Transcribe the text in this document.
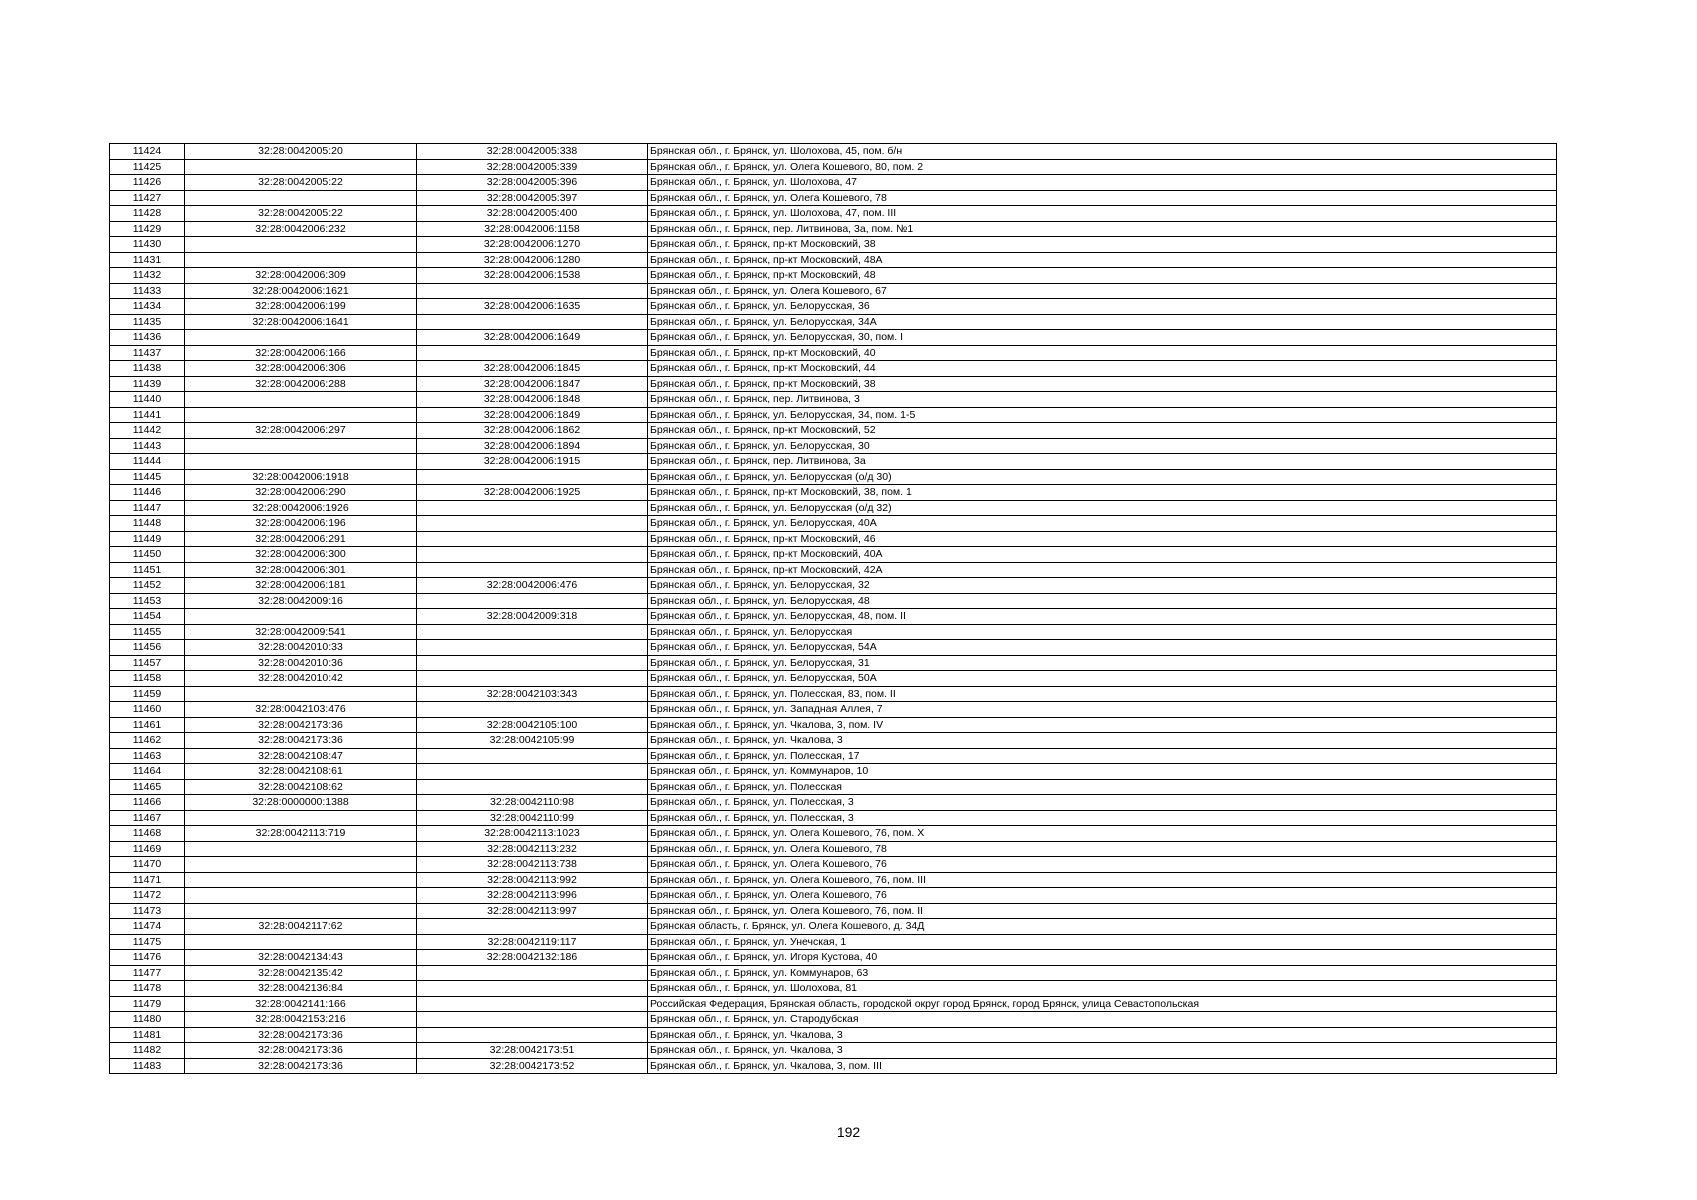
11424	32:28:0042005:20	32:28:0042005:338	Брянская обл., г. Брянск, ул. Шолохова, 45, пом. б/н
11425		32:28:0042005:339	Брянская обл., г. Брянск, ул. Олега Кошевого, 80, пом. 2
11426	32:28:0042005:22	32:28:0042005:396	Брянская обл., г. Брянск, ул. Шолохова, 47
11427		32:28:0042005:397	Брянская обл., г. Брянск, ул. Олега Кошевого, 78
11428	32:28:0042005:22	32:28:0042005:400	Брянская обл., г. Брянск, ул. Шолохова, 47, пом. III
11429	32:28:0042006:232	32:28:0042006:1158	Брянская обл., г. Брянск, пер. Литвинова, 3а, пом. №1
11430		32:28:0042006:1270	Брянская обл., г. Брянск, пр-кт Московский, 38
11431		32:28:0042006:1280	Брянская обл., г. Брянск, пр-кт Московский, 48А
11432	32:28:0042006:309	32:28:0042006:1538	Брянская обл., г. Брянск, пр-кт Московский, 48
11433	32:28:0042006:1621		Брянская обл., г. Брянск, ул. Олега Кошевого, 67
11434	32:28:0042006:199	32:28:0042006:1635	Брянская обл., г. Брянск, ул. Белорусская, 36
11435	32:28:0042006:1641		Брянская обл., г. Брянск, ул. Белорусская, 34А
11436		32:28:0042006:1649	Брянская обл., г. Брянск, ул. Белорусская, 30, пом. I
11437	32:28:0042006:166		Брянская обл., г. Брянск, пр-кт Московский, 40
11438	32:28:0042006:306	32:28:0042006:1845	Брянская обл., г. Брянск, пр-кт Московский, 44
11439	32:28:0042006:288	32:28:0042006:1847	Брянская обл., г. Брянск, пр-кт Московский, 38
11440		32:28:0042006:1848	Брянская обл., г. Брянск, пер. Литвинова, 3
11441		32:28:0042006:1849	Брянская обл., г. Брянск, ул. Белорусская, 34, пом. 1-5
11442	32:28:0042006:297	32:28:0042006:1862	Брянская обл., г. Брянск, пр-кт Московский, 52
11443		32:28:0042006:1894	Брянская обл., г. Брянск, ул. Белорусская, 30
11444		32:28:0042006:1915	Брянская обл., г. Брянск, пер. Литвинова, 3а
11445	32:28:0042006:1918		Брянская обл., г. Брянск, ул. Белорусская (о/д 30)
11446	32:28:0042006:290	32:28:0042006:1925	Брянская обл., г. Брянск, пр-кт Московский, 38, пом. 1
11447	32:28:0042006:1926		Брянская обл., г. Брянск, ул. Белорусская (о/д 32)
11448	32:28:0042006:196		Брянская обл., г. Брянск, ул. Белорусская, 40А
11449	32:28:0042006:291		Брянская обл., г. Брянск, пр-кт Московский, 46
11450	32:28:0042006:300		Брянская обл., г. Брянск, пр-кт Московский, 40А
11451	32:28:0042006:301		Брянская обл., г. Брянск, пр-кт Московский, 42А
11452	32:28:0042006:181	32:28:0042006:476	Брянская обл., г. Брянск, ул. Белорусская, 32
11453	32:28:0042009:16		Брянская обл., г. Брянск, ул. Белорусская, 48
11454		32:28:0042009:318	Брянская обл., г. Брянск, ул. Белорусская, 48, пом. II
11455	32:28:0042009:541		Брянская обл., г. Брянск, ул. Белорусская
11456	32:28:0042010:33		Брянская обл., г. Брянск, ул. Белорусская, 54А
11457	32:28:0042010:36		Брянская обл., г. Брянск, ул. Белорусская, 31
11458	32:28:0042010:42		Брянская обл., г. Брянск, ул. Белорусская, 50А
11459		32:28:0042103:343	Брянская обл., г. Брянск, ул. Полесская, 83, пом. II
11460	32:28:0042103:476		Брянская обл., г. Брянск, ул. Западная Аллея, 7
11461	32:28:0042173:36	32:28:0042105:100	Брянская обл., г. Брянск, ул. Чкалова, 3, пом. IV
11462	32:28:0042173:36	32:28:0042105:99	Брянская обл., г. Брянск, ул. Чкалова, 3
11463	32:28:0042108:47		Брянская обл., г. Брянск, ул. Полесская, 17
11464	32:28:0042108:61		Брянская обл., г. Брянск, ул. Коммунаров, 10
11465	32:28:0042108:62		Брянская обл., г. Брянск, ул. Полесская
11466	32:28:0000000:1388	32:28:0042110:98	Брянская обл., г. Брянск, ул. Полесская, 3
11467		32:28:0042110:99	Брянская обл., г. Брянск, ул. Полесская, 3
11468	32:28:0042113:719	32:28:0042113:1023	Брянская обл., г. Брянск, ул. Олега Кошевого, 76, пом. X
11469		32:28:0042113:232	Брянская обл., г. Брянск, ул. Олега Кошевого, 78
11470		32:28:0042113:738	Брянская обл., г. Брянск, ул. Олега Кошевого, 76
11471		32:28:0042113:992	Брянская обл., г. Брянск, ул. Олега Кошевого, 76, пом. III
11472		32:28:0042113:996	Брянская обл., г. Брянск, ул. Олега Кошевого, 76
11473		32:28:0042113:997	Брянская обл., г. Брянск, ул. Олега Кошевого, 76, пом. II
11474	32:28:0042117:62		Брянская область, г. Брянск, ул. Олега Кошевого, д. 34Д
11475		32:28:0042119:117	Брянская обл., г. Брянск, ул. Унечская, 1
11476	32:28:0042134:43	32:28:0042132:186	Брянская обл., г. Брянск, ул. Игоря Кустова, 40
11477	32:28:0042135:42		Брянская обл., г. Брянск, ул. Коммунаров, 63
11478	32:28:0042136:84		Брянская обл., г. Брянск, ул. Шолохова, 81
11479	32:28:0042141:166		Российская Федерация, Брянская область, городской округ город Брянск, город Брянск, улица Севастопольская
11480	32:28:0042153:216		Брянская обл., г. Брянск, ул. Стародубская
11481	32:28:0042173:36		Брянская обл., г. Брянск, ул. Чкалова, 3
11482	32:28:0042173:36	32:28:0042173:51	Брянская обл., г. Брянск, ул. Чкалова, 3
11483	32:28:0042173:36	32:28:0042173:52	Брянская обл., г. Брянск, ул. Чкалова, 3, пом. III
192
